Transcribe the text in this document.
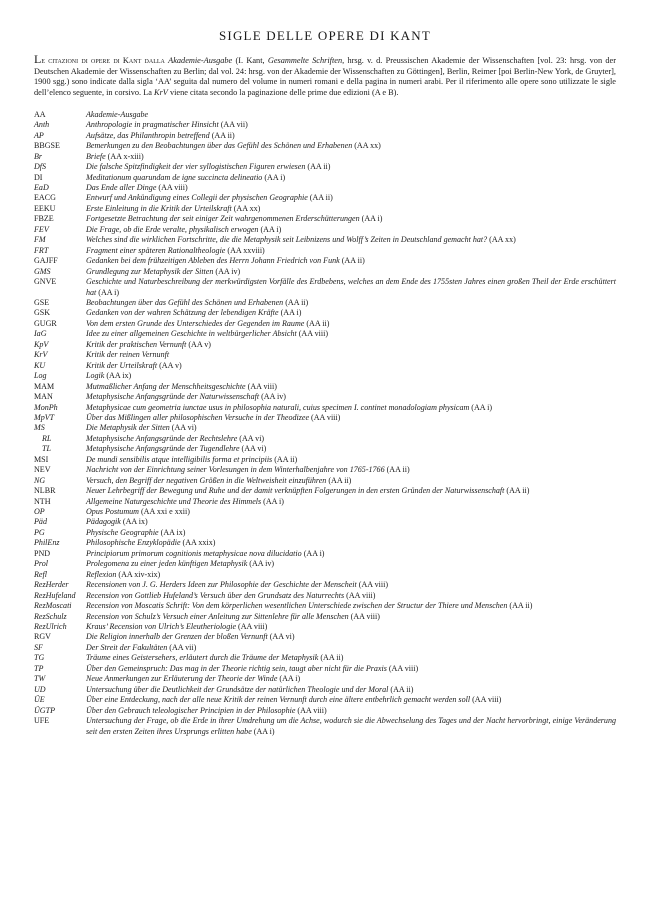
SIGLE DELLE OPERE DI KANT

Le citazioni di opere di Kant dalla Akademie-Ausgabe (I. Kant, Gesammelte Schriften, hrsg. v. d. Preussischen Akademie der Wissenschaften [vol. 23: hrsg. von der Deutschen Akademie der Wissenschaften zu Berlin; dal vol. 24: hrsg. von der Akademie der Wissenschaften zu Göttingen], Berlin, Reimer [poi Berlin-New York, de Gruyter], 1900 sgg.) sono indicate dalla sigla ‘AA’ seguita dal numero del volume in numeri romani e della pagina in numeri arabi. Per il riferimento alle opere sono utilizzate le sigle dell’elenco seguente, in corsivo. La KrV viene citata secondo la paginazione delle prime due edizioni (A e B).

AA	Akademie-Ausgabe
Anth	Anthropologie in pragmatischer Hinsicht (AA vii)
AP	Aufsätze, das Philanthropin betreffend (AA ii)
BBGSE	Bemerkungen zu den Beobachtungen über das Gefühl des Schönen und Erhabenen (AA xx)
Br	Briefe (AA x-xiii)
DfS	Die falsche Spitzfindigkeit der vier syllogistischen Figuren erwiesen (AA ii)
DI	Meditationum quarundam de igne succincta delineatio (AA i)
EaD	Das Ende aller Dinge (AA viii)
EACG	Entwurf und Ankündigung eines Collegii der physischen Geographie (AA ii)
EEKU	Erste Einleitung in die Kritik der Urteilskraft (AA xx)
FBZE	Fortgesetzte Betrachtung der seit einiger Zeit wahrgenommenen Erderschütterungen (AA i)
FEV	Die Frage, ob die Erde veralte, physikalisch erwogen (AA i)
FM	Welches sind die wirklichen Fortschritte, die die Metaphysik seit Leibnizens und Wolff’s Zeiten in Deutschland gemacht hat? (AA xx)
FRT	Fragment einer späteren Rationaltheologie (AA xxviii)
GAJFF	Gedanken bei dem frühzeitigen Ableben des Herrn Johann Friedrich von Funk (AA ii)
GMS	Grundlegung zur Metaphysik der Sitten (AA iv)
GNVE	Geschichte und Naturbeschreibung der merkwürdigsten Vorfälle des Erdbebens, welches an dem Ende des 1755sten Jahres einen großen Theil der Erde erschüttert hat (AA i)
GSE	Beobachtungen über das Gefühl des Schönen und Erhabenen (AA ii)
GSK	Gedanken von der wahren Schätzung der lebendigen Kräfte (AA i)
GUGR	Von dem ersten Grunde des Unterschiedes der Gegenden im Raume (AA ii)
IaG	Idee zu einer allgemeinen Geschichte in weltbürgerlicher Absicht (AA viii)
KpV	Kritik der praktischen Vernunft (AA v)
KrV	Kritik der reinen Vernunft
KU	Kritik der Urteilskraft (AA v)
Log	Logik (AA ix)
MAM	Mutmaßlicher Anfang der Menschheitsgeschichte (AA viii)
MAN	Metaphysische Anfangsgründe der Naturwissenschaft (AA iv)
MonPh	Metaphysicae cum geometria iunctae usus in philosophia naturali, cuius specimen I. continet monadologiam physicam (AA i)
MpVT	Über das Mißlingen aller philosophischen Versuche in der Theodizee (AA viii)
MS	Die Metaphysik der Sitten (AA vi)
RL	Metaphysische Anfangsgründe der Rechtslehre (AA vi)
TL	Metaphysische Anfangsgründe der Tugendlehre (AA vi)
MSI	De mundi sensibilis atque intelligibilis forma et principiis (AA ii)
NEV	Nachricht von der Einrichtung seiner Vorlesungen in dem Winterhalbenjahre von 1765-1766 (AA ii)
NG	Versuch, den Begriff der negativen Größen in die Weltweisheit einzuführen (AA ii)
NLBR	Neuer Lehrbegriff der Bewegung und Ruhe und der damit verknüpften Folgerungen in den ersten Gründen der Naturwissenschaft (AA ii)
NTH	Allgemeine Naturgeschichte und Theorie des Himmels (AA i)
OP	Opus Postumum (AA xxi e xxii)
Päd	Pädagogik (AA ix)
PG	Physische Geographie (AA ix)
PhilEnz	Philosophische Enzyklopädie (AA xxix)
PND	Principiorum primorum cognitionis metaphysicae nova dilucidatio (AA i)
Prol	Prolegomena zu einer jeden künftigen Metaphysik (AA iv)
Refl	Reflexion (AA xiv-xix)
RezHerder	Recensionen von J. G. Herders Ideen zur Philosophie der Geschichte der Menscheit (AA viii)
RezHufeland	Recension von Gottlieb Hufeland’s Versuch über den Grundsatz des Naturrechts (AA viii)
RezMoscati	Recension von Moscatis Schrift: Von dem körperlichen wesentlichen Unterschiede zwischen der Structur der Thiere und Menschen (AA ii)
RezSchulz	Recension von Schulz’s Versuch einer Anleitung zur Sittenlehre für alle Menschen (AA viii)
RezUlrich	Kraus’ Recension von Ulrich’s Eleutheriologie (AA viii)
RGV	Die Religion innerhalb der Grenzen der bloßen Vernunft (AA vi)
SF	Der Streit der Fakultäten (AA vii)
TG	Träume eines Geistersehers, erläutert durch die Träume der Metaphysik (AA ii)
TP	Über den Gemeinspruch: Das mag in der Theorie richtig sein, taugt aber nicht für die Praxis (AA viii)
TW	Neue Anmerkungen zur Erläuterung der Theorie der Winde (AA i)
UD	Untersuchung über die Deutlichkeit der Grundsätze der natürlichen Theologie und der Moral (AA ii)
ÜE	Über eine Entdeckung, nach der alle neue Kritik der reinen Vernunft durch eine ältere entbehrlich gemacht werden soll (AA viii)
ÜGTP	Über den Gebrauch teleologischer Principien in der Philosophie (AA viii)
UFE	Untersuchung der Frage, ob die Erde in ihrer Umdrehung um die Achse, wodurch sie die Abwechselung des Tages und der Nacht hervorbringt, einige Veränderung seit den ersten Zeiten ihres Ursprungs erlitten habe (AA i)
